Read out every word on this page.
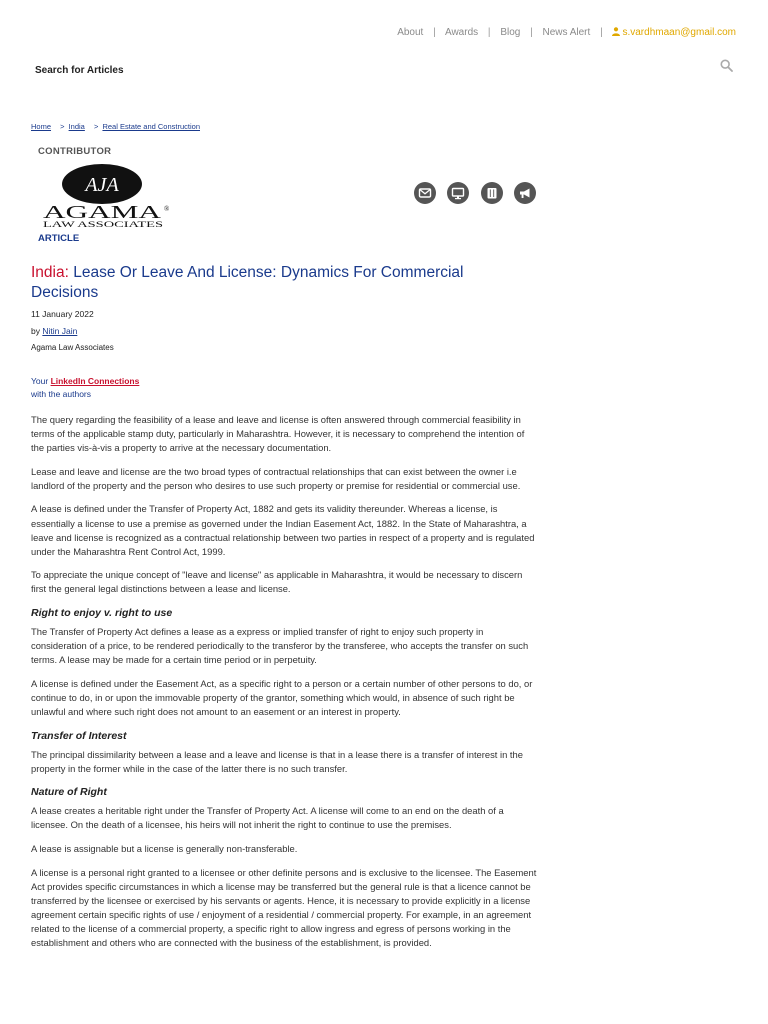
About | Awards | Blog | News Alert | s.vardhmaan@gmail.com
Search for Articles
Home > India > Real Estate and Construction
CONTRIBUTOR
AJA
AGAMA ®
LAW ASSOCIATES
ARTICLE

India: Lease Or Leave And License: Dynamics For Commercial Decisions
11 January 2022
by Nitin Jain
Agama Law Associates
Your LinkedIn Connections
with the authors

The query regarding the feasibility of a lease and leave and license is often answered through commercial feasibility in terms of the applicable stamp duty, particularly in Maharashtra. However, it is necessary to comprehend the intention of the parties vis-à-vis a property to arrive at the necessary documentation.

Lease and leave and license are the two broad types of contractual relationships that can exist between the owner i.e landlord of the property and the person who desires to use such property or premise for residential or commercial use.

A lease is defined under the Transfer of Property Act, 1882 and gets its validity thereunder. Whereas a license, is essentially a license to use a premise as governed under the Indian Easement Act, 1882. In the State of Maharashtra, a leave and license is recognized as a contractual relationship between two parties in respect of a property and is regulated under the Maharashtra Rent Control Act, 1999.

To appreciate the unique concept of "leave and license" as applicable in Maharashtra, it would be necessary to discern first the general legal distinctions between a lease and license.

Right to enjoy v. right to use

The Transfer of Property Act defines a lease as a express or implied transfer of right to enjoy such property in consideration of a price, to be rendered periodically to the transferor by the transferee, who accepts the transfer on such terms. A lease may be made for a certain time period or in perpetuity.

A license is defined under the Easement Act, as a specific right to a person or a certain number of other persons to do, or continue to do, in or upon the immovable property of the grantor, something which would, in absence of such right be unlawful and where such right does not amount to an easement or an interest in property.

Transfer of Interest

The principal dissimilarity between a lease and a leave and license is that in a lease there is a transfer of interest in the property in the former while in the case of the latter there is no such transfer.

Nature of Right

A lease creates a heritable right under the Transfer of Property Act. A license will come to an end on the death of a licensee. On the death of a licensee, his heirs will not inherit the right to continue to use the premises.

A lease is assignable but a license is generally non-transferable.

A license is a personal right granted to a licensee or other definite persons and is exclusive to the licensee. The Easement Act provides specific circumstances in which a license may be transferred but the general rule is that a licence cannot be transferred by the licensee or exercised by his servants or agents. Hence, it is necessary to provide explicitly in a license agreement certain specific rights of use / enjoyment of a residential / commercial property. For example, in an agreement related to the license of a commercial property, a specific right to allow ingress and egress of persons working in the establishment and others who are connected with the business of the establishment, is provided.
